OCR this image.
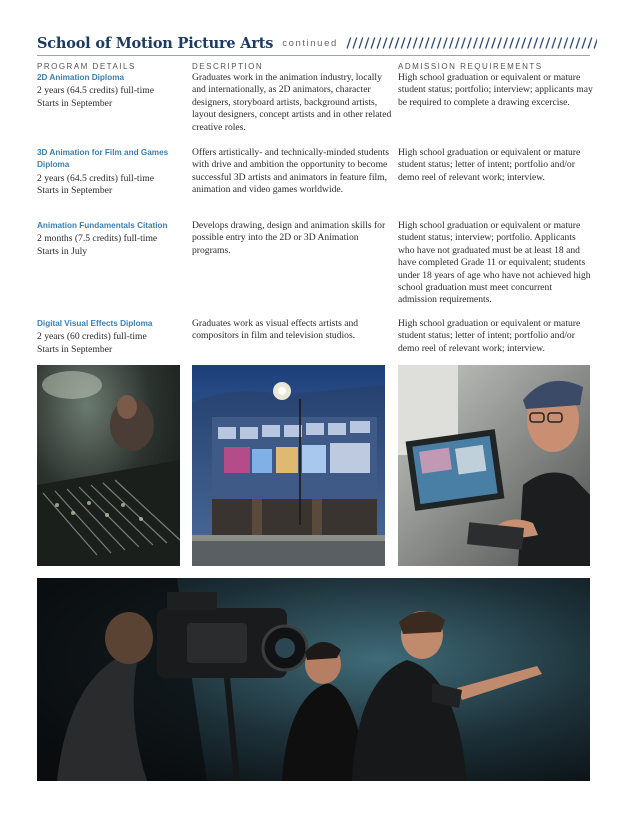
School of Motion Picture Arts continued
PROGRAM DETAILS	DESCRIPTION	ADMISSION REQUIREMENTS
2D Animation Diploma
2 years (64.5 credits) full-time
Starts in September
Graduates work in the animation industry, locally and internationally, as 2D animators, character designers, storyboard artists, background artists, layout designers, concept artists and in other related creative roles.
High school graduation or equivalent or mature student status; portfolio; interview; applicants may be required to complete a drawing excercise.
3D Animation for Film and Games Diploma
2 years (64.5 credits) full-time
Starts in September
Offers artistically- and technically-minded students with drive and ambition the opportunity to become successful 3D artists and animators in feature film, animation and video games worldwide.
High school graduation or equivalent or mature student status; letter of intent; portfolio and/or demo reel of relevant work; interview.
Animation Fundamentals Citation
2 months (7.5 credits) full-time
Starts in July
Develops drawing, design and animation skills for possible entry into the 2D or 3D Animation programs.
High school graduation or equivalent or mature student status; interview; portfolio. Applicants who have not graduated must be at least 18 and have completed Grade 11 or equivalent; students under 18 years of age who have not achieved high school graduation must meet concurrent admission requirements.
Digital Visual Effects Diploma
2 years (60 credits) full-time
Starts in September
Graduates work as visual effects artists and compositors in film and television studios.
High school graduation or equivalent or mature student status; letter of intent; portfolio and/or demo reel of relevant work; interview.
